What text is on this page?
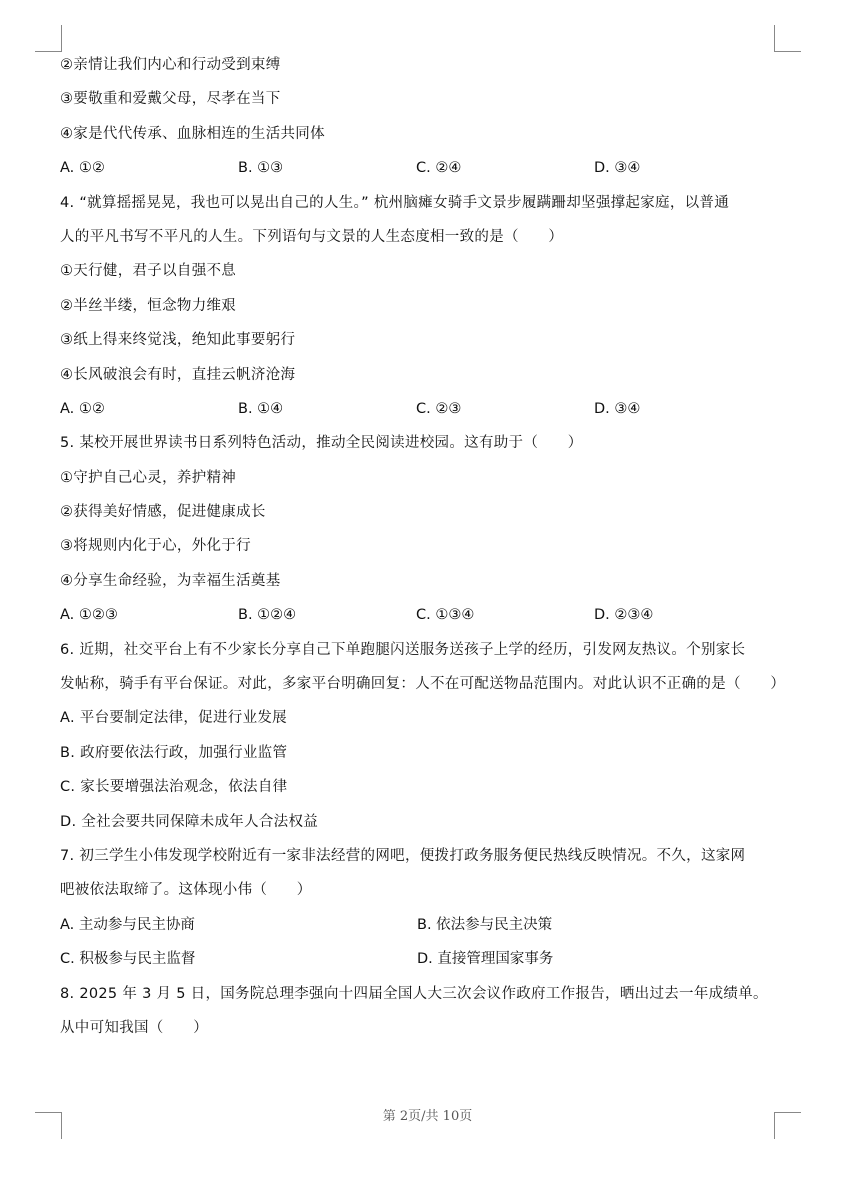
②亲情让我们内心和行动受到束缚
③要敬重和爱戴父母，尽孝在当下
④家是代代传承、血脉相连的生活共同体
A. ①②	B. ①③	C. ②④	D. ③④
4. “就算摇摇晃晃，我也可以晃出自己的人生。” 杭州脑瘫女骑手文景步履蹒跚却坚强撑起家庭，以普通
人的平凡书写不平凡的人生。下列语句与文景的人生态度相一致的是（　　）
①天行健，君子以自强不息
②半丝半缕，恒念物力维艰
③纸上得来终觉浅，绝知此事要躬行
④长风破浪会有时，直挂云帆济沧海
A. ①②	B. ①④	C. ②③	D. ③④
5. 某校开展世界读书日系列特色活动，推动全民阅读进校园。这有助于（　　）
①守护自己心灵，养护精神
②获得美好情感，促进健康成长
③将规则内化于心，外化于行
④分享生命经验，为幸福生活奠基
A. ①②③	B. ①②④	C. ①③④	D. ②③④
6. 近期，社交平台上有不少家长分享自己下单跑腿闪送服务送孩子上学的经历，引发网友热议。个别家长
发帖称，骑手有平台保证。对此，多家平台明确回复：人不在可配送物品范围内。对此认识不正确的是（　　）
A. 平台要制定法律，促进行业发展
B. 政府要依法行政，加强行业监管
C. 家长要增强法治观念，依法自律
D. 全社会要共同保障未成年人合法权益
7. 初三学生小伟发现学校附近有一家非法经营的网吧，便拨打政务服务便民热线反映情况。不久，这家网
吧被依法取缔了。这体现小伟（　　）
A. 主动参与民主协商	B. 依法参与民主决策
C. 积极参与民主监督	D. 直接管理国家事务
8. 2025 年 3 月 5 日，国务院总理李强向十四届全国人大三次会议作政府工作报告，晒出过去一年成绩单。
从中可知我国（　　）
第 2页/共 10页
